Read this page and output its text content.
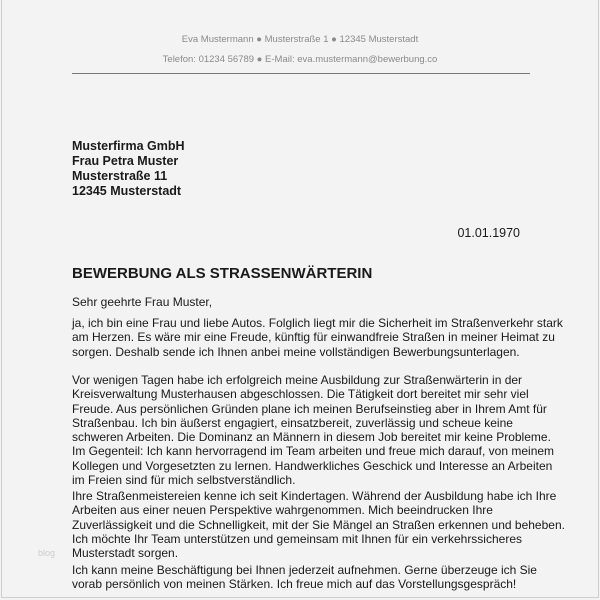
Eva Mustermann ● Musterstraße 1 ● 12345 Musterstadt
Telefon: 01234 56789 ● E-Mail: eva.mustermann@bewerbung.co
Musterfirma GmbH
Frau Petra Muster
Musterstraße 11
12345 Musterstadt
01.01.1970
BEWERBUNG ALS STRASSENWÄRTERIN
Sehr geehrte Frau Muster,
ja, ich bin eine Frau und liebe Autos. Folglich liegt mir die Sicherheit im Straßenverkehr stark
am Herzen. Es wäre mir eine Freude, künftig für einwandfreie Straßen in meiner Heimat zu
sorgen. Deshalb sende ich Ihnen anbei meine vollständigen Bewerbungsunterlagen.
Vor wenigen Tagen habe ich erfolgreich meine Ausbildung zur Straßenwärterin in der
Kreisverwaltung Musterhausen abgeschlossen. Die Tätigkeit dort bereitet mir sehr viel
Freude. Aus persönlichen Gründen plane ich meinen Berufseinstieg aber in Ihrem Amt für
Straßenbau. Ich bin äußerst engagiert, einsatzbereit, zuverlässig und scheue keine
schweren Arbeiten. Die Dominanz an Männern in diesem Job bereitet mir keine Probleme.
Im Gegenteil: Ich kann hervorragend im Team arbeiten und freue mich darauf, von meinem
Kollegen und Vorgesetzten zu lernen. Handwerkliches Geschick und Interesse an Arbeiten
im Freien sind für mich selbstverständlich.
Ihre Straßenmeistereien kenne ich seit Kindertagen. Während der Ausbildung habe ich Ihre
Arbeiten aus einer neuen Perspektive wahrgenommen. Mich beeindrucken Ihre
Zuverlässigkeit und die Schnelligkeit, mit der Sie Mängel an Straßen erkennen und beheben.
Ich möchte Ihr Team unterstützen und gemeinsam mit Ihnen für ein verkehrssicheres
Musterstadt sorgen.
Ich kann meine Beschäftigung bei Ihnen jederzeit aufnehmen. Gerne überzeuge ich Sie
vorab persönlich von meinen Stärken. Ich freue mich auf das Vorstellungsgespräch!
blog
